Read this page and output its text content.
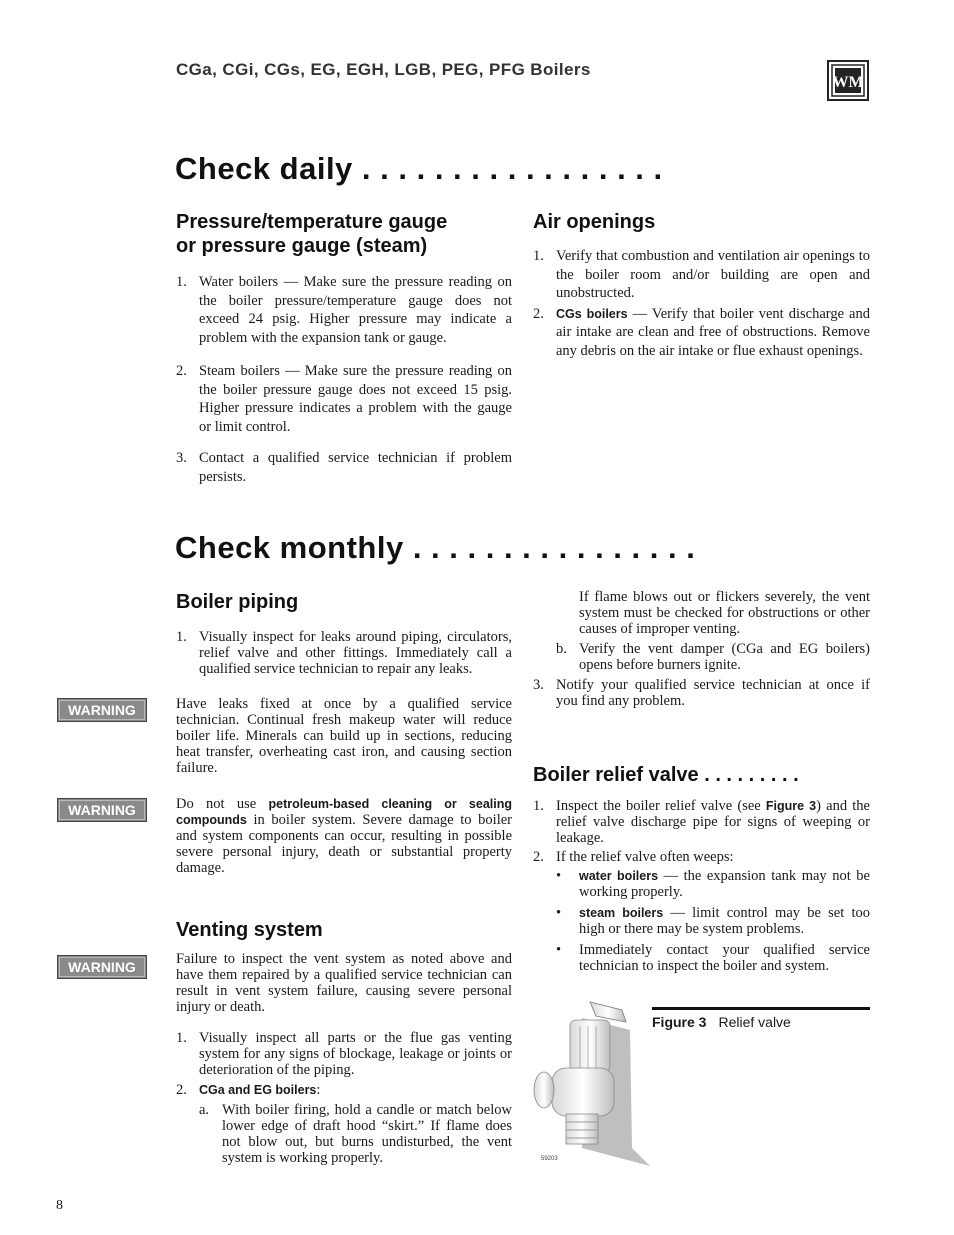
CGa, CGi, CGs, EG, EGH, LGB, PEG, PFG Boilers
WM
Check daily . . . . . . . . . . . . . . . . .
Pressure/temperature gauge
or pressure gauge (steam)

1. Water boilers — Make sure the pressure reading on the boiler pressure/temperature gauge does not exceed 24 psig. Higher pressure may indicate a problem with the expansion tank or gauge.

2. Steam boilers — Make sure the pressure reading on the boiler pressure gauge does not exceed 15 psig. Higher pressure indicates a problem with the gauge or limit control.

3. Contact a qualified service technician if problem persists.

Air openings

1. Verify that combustion and ventilation air openings to the boiler room and/or building are open and unobstructed.

2. CGs boilers — Verify that boiler vent discharge and air intake are clean and free of obstructions. Remove any debris on the air intake or flue exhaust openings.

Check monthly . . . . . . . . . . . . . . . .
Boiler piping

1. Visually inspect for leaks around piping, circulators, relief valve and other fittings. Immediately call a qualified service technician to repair any leaks.

WARNING	Have leaks fixed at once by a qualified service technician. Continual fresh makeup water will reduce boiler life. Minerals can build up in sections, reducing heat transfer, overheating cast iron, and causing section failure.
WARNING	Do not use petroleum-based cleaning or sealing compounds in boiler system. Severe damage to boiler and system components can occur, resulting in possible severe personal injury, death or substantial property damage.
Venting system
WARNING	Failure to inspect the vent system as noted above and have them repaired by a qualified service technician can result in vent system failure, causing severe personal injury or death.

1. Visually inspect all parts or the flue gas venting system for any signs of blockage, leakage or joints or deterioration of the piping.

2. CGa and EG boilers:

a. With boiler firing, hold a candle or match below lower edge of draft hood “skirt.” If flame does not blow out, but burns undisturbed, the vent system is working properly.

If flame blows out or flickers severely, the vent system must be checked for obstructions or other causes of improper venting.

b. Verify the vent damper (CGa and EG boilers) opens before burners ignite.

3. Notify your qualified service technician at once if you find any problem.

Boiler relief valve . . . . . . . . .

1. Inspect the boiler relief valve (see Figure 3) and the relief valve discharge pipe for signs of weeping or leakage.

2. If the relief valve often weeps:

• water boilers — the expansion tank may not be working properly.

• steam boilers — limit control may be set too high or there may be system problems.

• Immediately contact your qualified service technician to inspect the boiler and system.

59203
Figure 3 Relief valve
8
